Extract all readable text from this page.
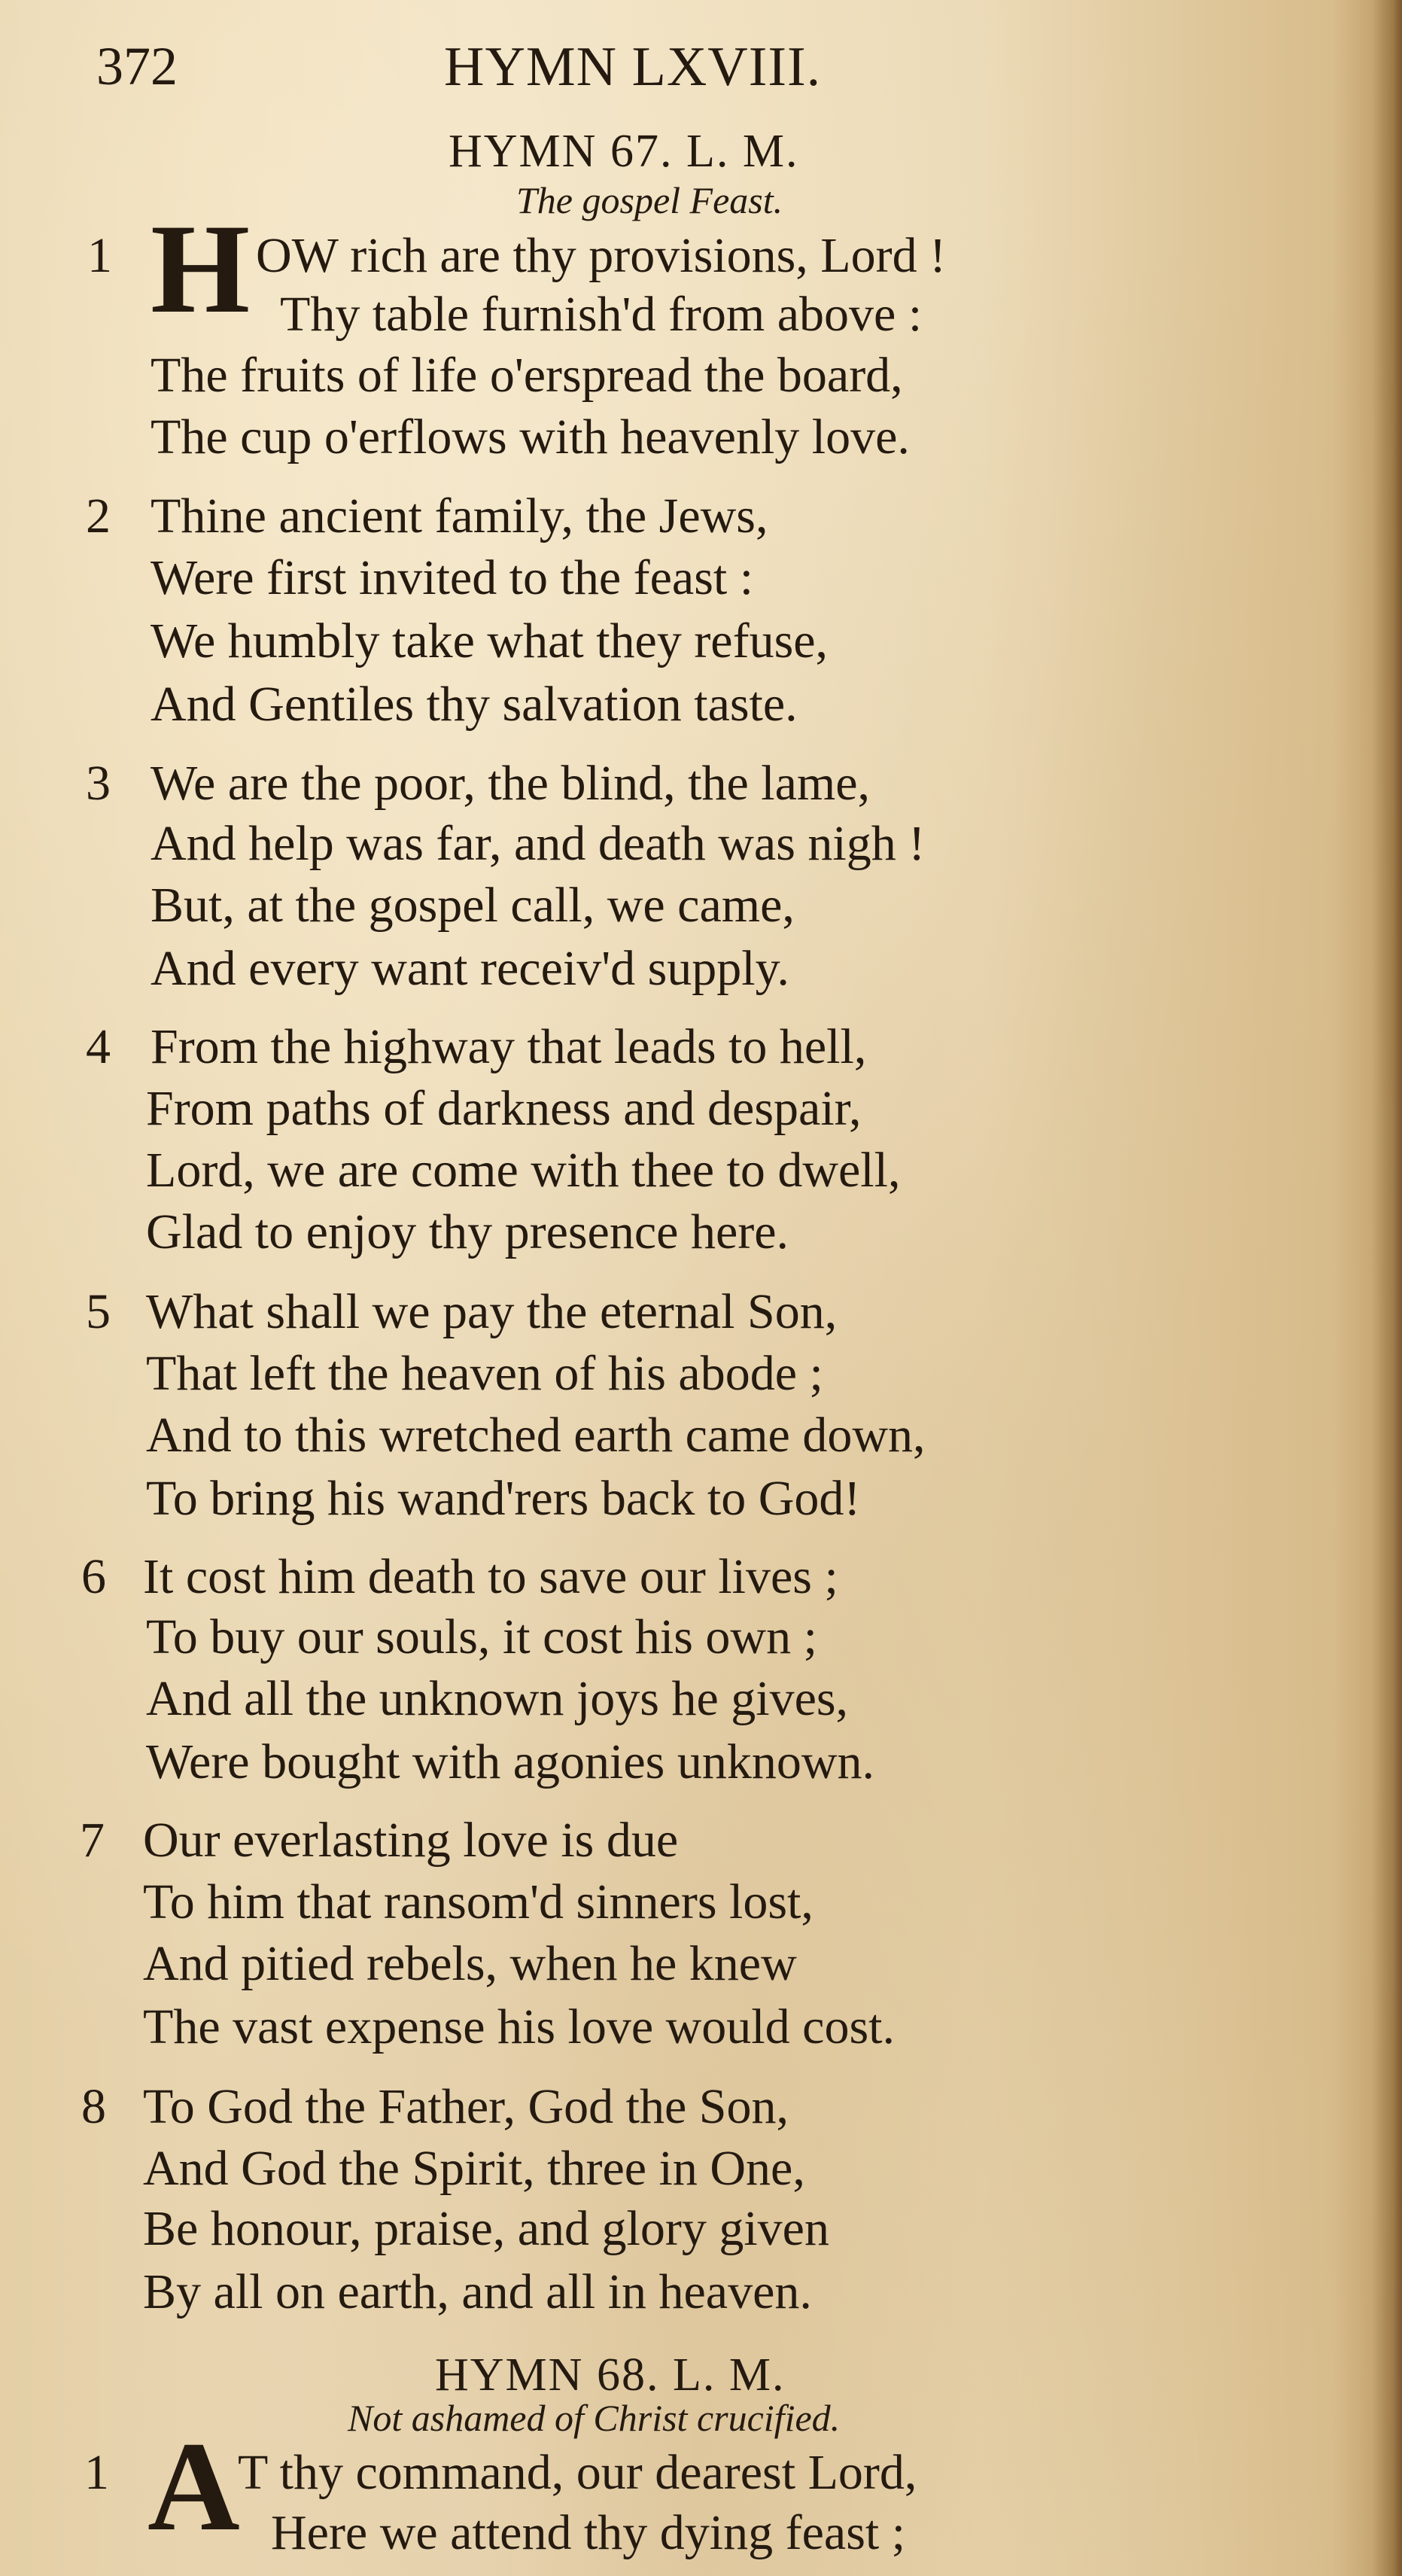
372	HYMN LXVIII.
HYMN 67. L. M.
The gospel Feast.
H
1	OW rich are thy provisions, Lord !
Thy table furnish'd from above :
The fruits of life o'erspread the board,
The cup o'erflows with heavenly love.
2 Thine ancient family, the Jews,
Were first invited to the feast :
We humbly take what they refuse,
And Gentiles thy salvation taste.
3 We are the poor, the blind, the lame,
And help was far, and death was nigh !
But, at the gospel call, we came,
And every want receiv'd supply.
4 From the highway that leads to hell,
From paths of darkness and despair,
Lord, we are come with thee to dwell,
Glad to enjoy thy presence here.
5 What shall we pay the eternal Son,
That left the heaven of his abode ;
And to this wretched earth came down,
To bring his wand'rers back to God!
6 It cost him death to save our lives ;
To buy our souls, it cost his own ;
And all the unknown joys he gives,
Were bought with agonies unknown.
7 Our everlasting love is due
To him that ransom'd sinners lost,
And pitied rebels, when he knew
The vast expense his love would cost.
8 To God the Father, God the Son,
And God the Spirit, three in One,
Be honour, praise, and glory given
By all on earth, and all in heaven.
HYMN 68. L. M.
Not ashamed of Christ crucified.
A
1	T thy command, our dearest Lord,
Here we attend thy dying feast ;
